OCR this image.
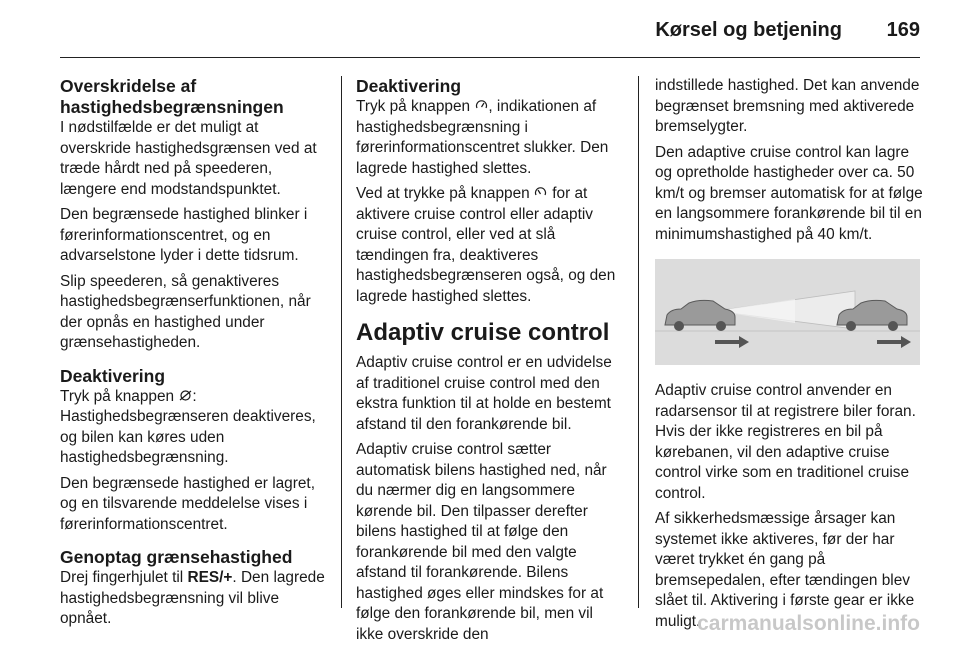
Kørsel og betjening 169
Overskridelse af hastighedsbegrænsningen

I nødstilfælde er det muligt at overskride hastighedsgrænsen ved at træde hårdt ned på speederen, længere end modstandspunktet.

Den begrænsede hastighed blinker i førerinformationscentret, og en advarselstone lyder i dette tidsrum.

Slip speederen, så genaktiveres hastighedsbegrænserfunktionen, når der opnås en hastighed under grænsehastigheden.

Deaktivering

Tryk på knappen : Hastighedsbegrænseren deaktiveres, og bilen kan køres uden hastighedsbegrænsning.

Den begrænsede hastighed er lagret, og en tilsvarende meddelelse vises i førerinformationscentret.

Genoptag grænsehastighed

Drej fingerhjulet til RES/+. Den lagrede hastighedsbegrænsning vil blive opnået.

Deaktivering

Tryk på knappen , indikationen af hastighedsbegrænsning i førerinformationscentret slukker. Den lagrede hastighed slettes.

Ved at trykke på knappen  for at aktivere cruise control eller adaptiv cruise control, eller ved at slå tændingen fra, deaktiveres hastighedsbegrænseren også, og den lagrede hastighed slettes.

Adaptiv cruise control

Adaptiv cruise control er en udvidelse af traditionel cruise control med den ekstra funktion til at holde en bestemt afstand til den forankørende bil.

Adaptiv cruise control sætter automatisk bilens hastighed ned, når du nærmer dig en langsommere kørende bil. Den tilpasser derefter bilens hastighed til at følge den forankørende bil med den valgte afstand til forankørende. Bilens hastighed øges eller mindskes for at følge den forankørende bil, men vil ikke overskride den

indstillede hastighed. Det kan anvende begrænset bremsning med aktiverede bremselygter.

Den adaptive cruise control kan lagre og opretholde hastigheder over ca. 50 km/t og bremser automatisk for at følge en langsommere forankørende bil til en minimumshastighed på 40 km/t.

Adaptiv cruise control anvender en radarsensor til at registrere biler foran. Hvis der ikke registreres en bil på kørebanen, vil den adaptive cruise control virke som en traditionel cruise control.

Af sikkerhedsmæssige årsager kan systemet ikke aktiveres, før der har været trykket én gang på bremsepedalen, efter tændingen blev slået til. Aktivering i første gear er ikke muligt.

carmanualsonline.info
